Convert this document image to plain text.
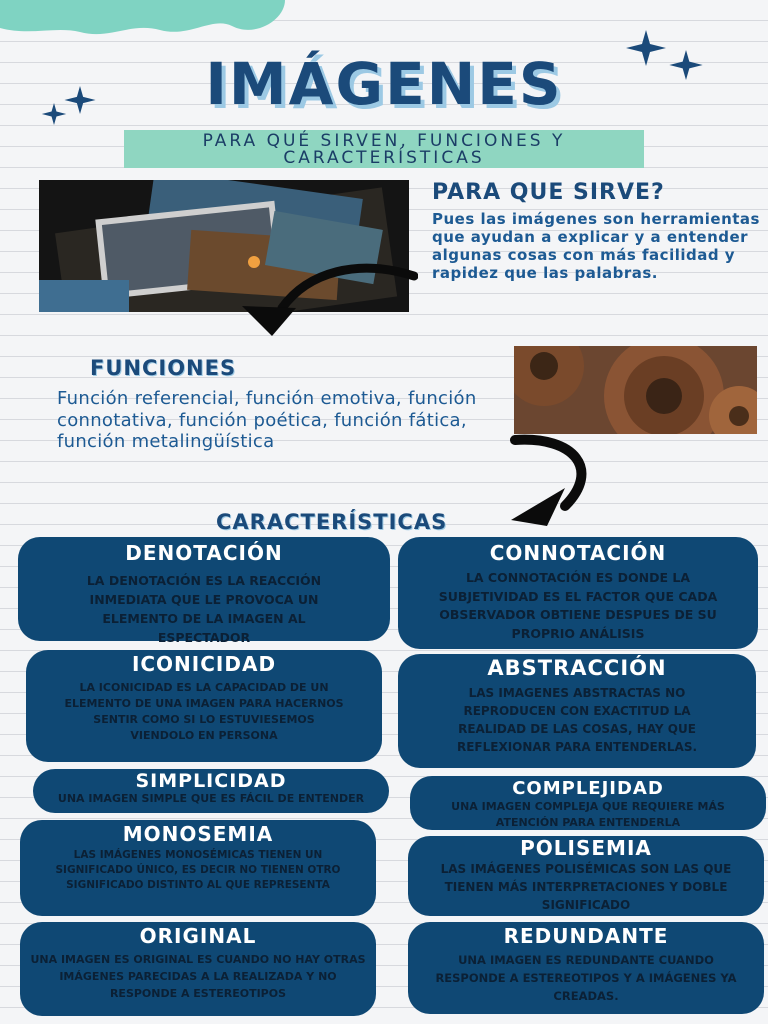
IMÁGENES
PARA QUÉ SIRVEN, FUNCIONES Y CARACTERÍSTICAS
PARA QUE SIRVE?
Pues las imágenes son herramientas que ayudan a explicar y a entender algunas cosas con más facilidad y rapidez que las palabras.
FUNCIONES
Función referencial, función emotiva, función connotativa, función poética, función fática, función metalingüística
CARACTERÍSTICAS
DENOTACIÓN
LA DENOTACIÓN ES LA REACCIÓN INMEDIATA QUE LE PROVOCA UN ELEMENTO DE LA IMAGEN AL ESPECTADOR
CONNOTACIÓN
LA CONNOTACIÓN ES DONDE LA SUBJETIVIDAD ES EL FACTOR QUE CADA OBSERVADOR OBTIENE DESPUES DE SU PROPRIO ANÁLISIS
ICONICIDAD
LA ICONICIDAD ES LA CAPACIDAD DE UN ELEMENTO DE UNA IMAGEN PARA HACERNOS SENTIR COMO SI LO ESTUVIESEMOS VIENDOLO EN PERSONA
ABSTRACCIÓN
LAS IMAGENES ABSTRACTAS NO REPRODUCEN CON EXACTITUD LA REALIDAD DE LAS COSAS, HAY QUE REFLEXIONAR PARA ENTENDERLAS.
SIMPLICIDAD
UNA IMAGEN SIMPLE QUE ES FÁCIL DE ENTENDER	COMPLEJIDAD
UNA IMAGEN COMPLEJA QUE REQUIERE MÁS ATENCIÓN PARA ENTENDERLA
MONOSEMIA
LAS IMÁGENES MONOSÉMICAS TIENEN UN SIGNIFICADO ÚNICO, ES DECIR NO TIENEN OTRO SIGNIFICADO DISTINTO AL QUE REPRESENTA
POLISEMIA
LAS IMÁGENES POLISÉMICAS SON LAS QUE TIENEN MÁS INTERPRETACIONES Y DOBLE SIGNIFICADO
ORIGINAL
UNA IMAGEN ES ORIGINAL ES CUANDO NO HAY OTRAS IMÁGENES PARECIDAS A LA REALIZADA Y NO RESPONDE A ESTEREOTIPOS
REDUNDANTE
UNA IMAGEN ES REDUNDANTE CUANDO RESPONDE A ESTEREOTIPOS Y A IMÁGENES YA CREADAS.
